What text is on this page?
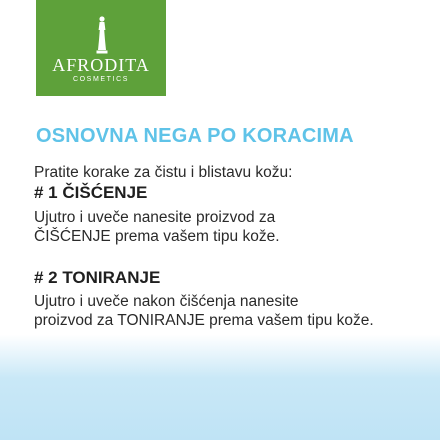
AFRODITA
COSMETICS
OSNOVNA NEGA PO KORACIMA
Pratite korake za čistu i blistavu kožu:
# 1 ČIŠĆENJE
Ujutro i uveče nanesite proizvod za
ČIŠĆENJE prema vašem tipu kože.
# 2 TONIRANJE
Ujutro i uveče nakon čišćenja nanesite
proizvod za TONIRANJE prema vašem tipu kože.
